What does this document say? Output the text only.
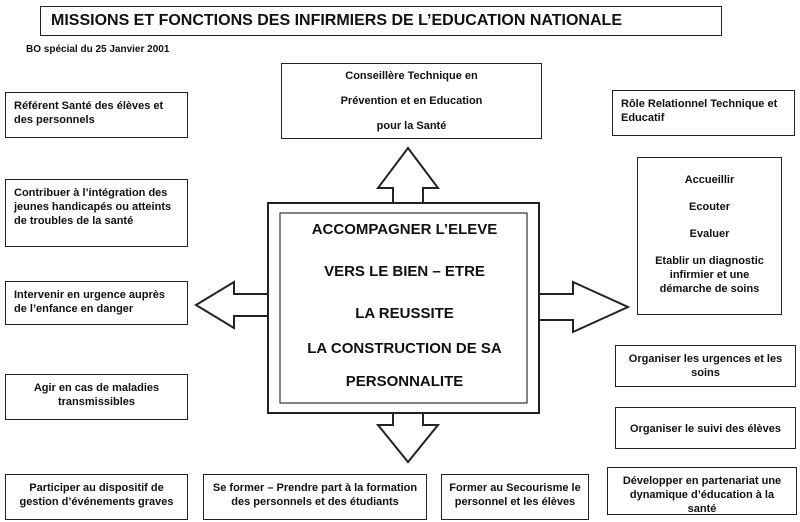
MISSIONS ET FONCTIONS DES INFIRMIERS DE L’EDUCATION NATIONALE
BO spécial du 25 Janvier 2001
ACCOMPAGNER L’ELEVE
VERS LE BIEN – ETRE
LA REUSSITE
LA CONSTRUCTION DE SA
PERSONNALITE
Conseillère Technique en
Prévention et en Education
pour la Santé
Référent Santé des élèves et des personnels
Contribuer à l’intégration des jeunes handicapés ou atteints de troubles de la santé
Intervenir en urgence auprès de l’enfance en danger
Agir en cas de maladies transmissibles
Participer au dispositif de gestion d’événements graves
Se former – Prendre part à la formation des personnels et des étudiants
Former au Secourisme le personnel et les élèves
Rôle Relationnel Technique et Educatif
Accueillir
Ecouter
Evaluer
Etablir un diagnostic infirmier et une démarche de soins
Organiser les urgences et les soins
Organiser le suivi des élèves
Développer en partenariat une dynamique d’éducation à la santé
